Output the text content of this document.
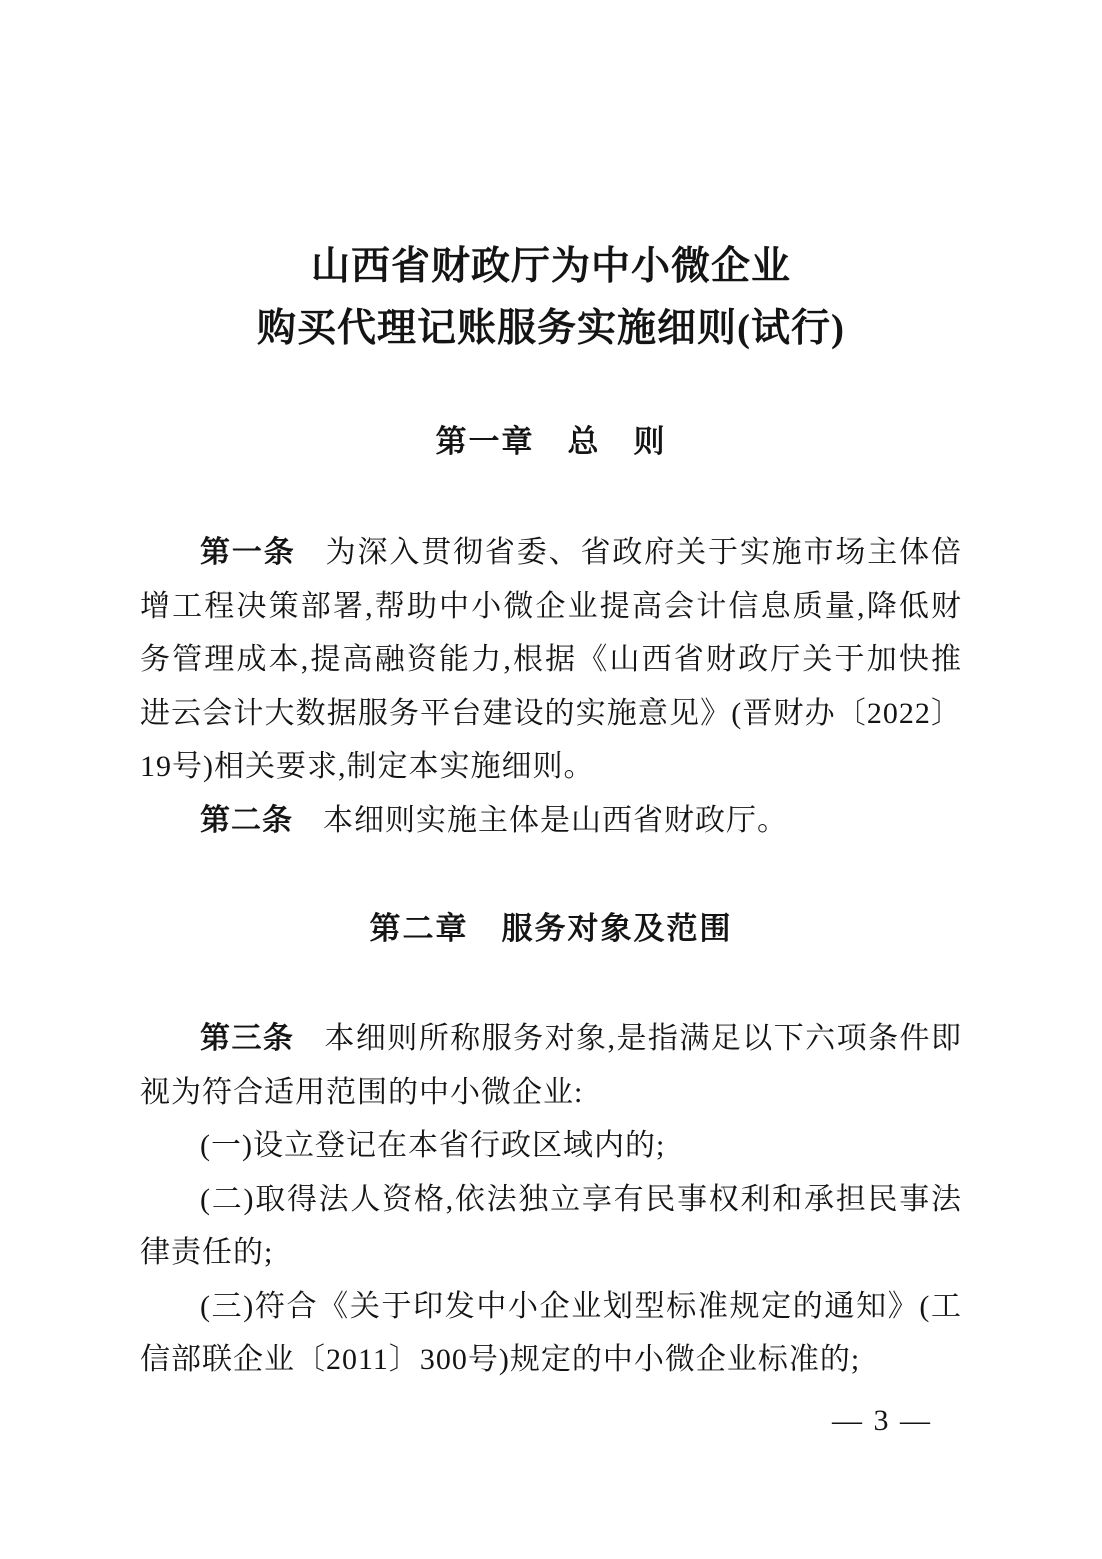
山西省财政厅为中小微企业
购买代理记账服务实施细则(试行)
第一章　总　则

第一条 为深入贯彻省委、省政府关于实施市场主体倍增工程决策部署,帮助中小微企业提高会计信息质量,降低财务管理成本,提高融资能力,根据《山西省财政厅关于加快推进云会计大数据服务平台建设的实施意见》(晋财办〔2022〕19号)相关要求,制定本实施细则。

第二条 本细则实施主体是山西省财政厅。

第二章　服务对象及范围

第三条 本细则所称服务对象,是指满足以下六项条件即视为符合适用范围的中小微企业:

(一)设立登记在本省行政区域内的;

(二)取得法人资格,依法独立享有民事权利和承担民事法律责任的;

(三)符合《关于印发中小企业划型标准规定的通知》(工信部联企业〔2011〕300号)规定的中小微企业标准的;

— 3 —
